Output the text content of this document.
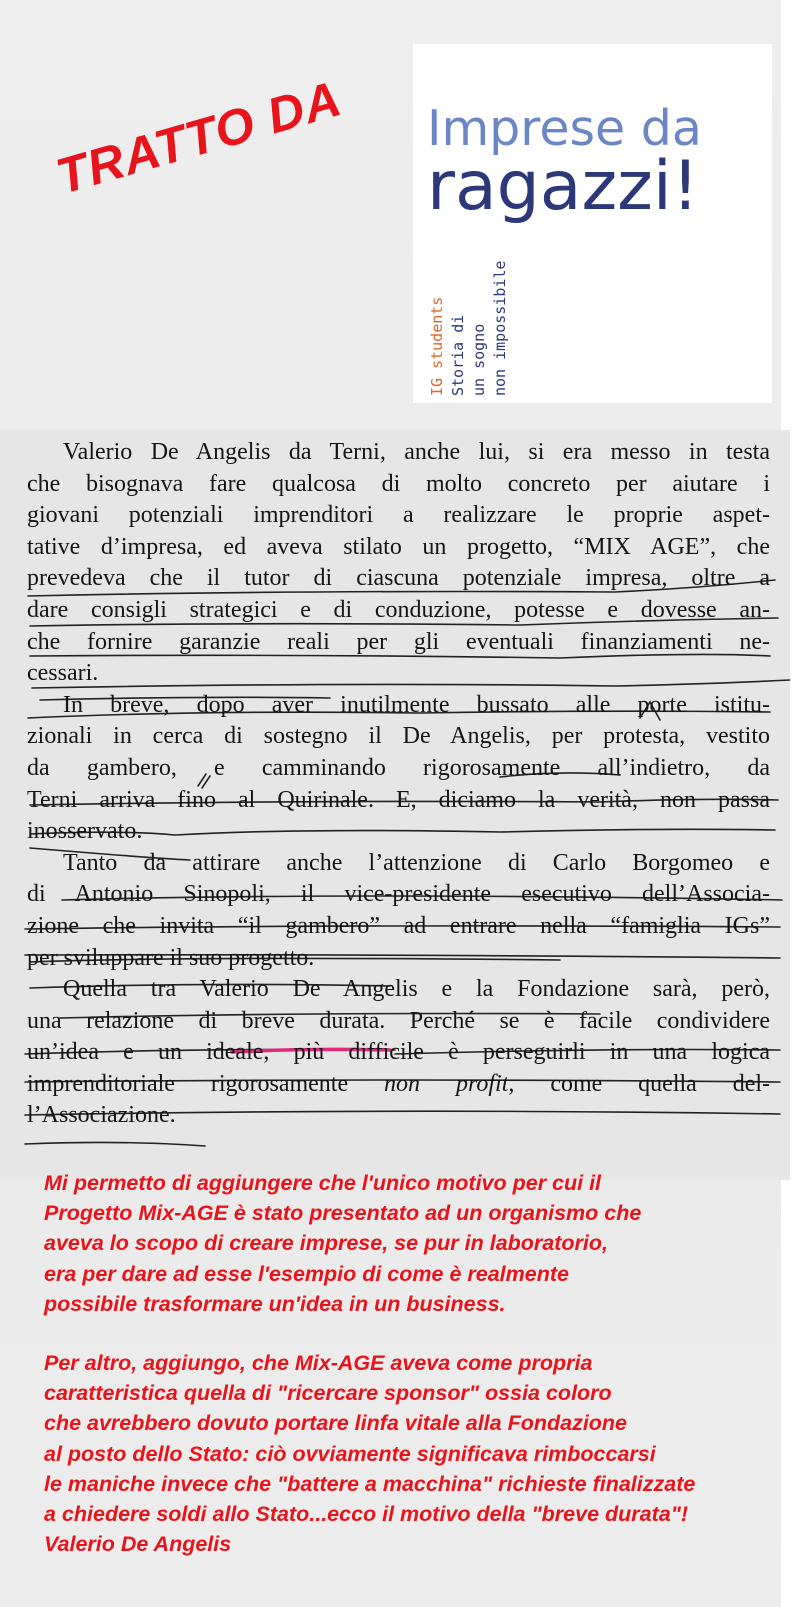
TRATTO DA Imprese da
ragazzi!
IG students Storia di un sogno non impossibile
Valerio De Angelis da Terni, anche lui, si era messo in testa
che bisognava fare qualcosa di molto concreto per aiutare i
giovani potenziali imprenditori a realizzare le proprie aspet-
tative d’impresa, ed aveva stilato un progetto, “MIX AGE”, che
prevedeva che il tutor di ciascuna potenziale impresa, oltre a
dare consigli strategici e di conduzione, potesse e dovesse an-
che fornire garanzie reali per gli eventuali finanziamenti ne-
cessari.
In breve, dopo aver inutilmente bussato alle porte istitu-
zionali in cerca di sostegno il De Angelis, per protesta, vestito
da gambero, e camminando rigorosamente all’indietro, da
Terni arriva fino al Quirinale. E, diciamo la verità, non passa
inosservato.
Tanto da attirare anche l’attenzione di Carlo Borgomeo e
di Antonio Sinopoli, il vice-presidente esecutivo dell’Associa-
zione che invita “il gambero” ad entrare nella “famiglia IGs”
per sviluppare il suo progetto.
Quella tra Valerio De Angelis e la Fondazione sarà, però,
una relazione di breve durata. Perché se è facile condividere
un’idea e un ideale, più difficile è perseguirli in una logica
imprenditoriale rigorosamente non profit, come quella del-
l’Associazione.
Mi permetto di aggiungere che l'unico motivo per cui il
Progetto Mix-AGE è stato presentato ad un organismo che
aveva lo scopo di creare imprese, se pur in laboratorio,
era per dare ad esse l'esempio di come è realmente
possibile trasformare un'idea in un business.
Per altro, aggiungo, che Mix-AGE aveva come propria
caratteristica quella di "ricercare sponsor" ossia coloro
che avrebbero dovuto portare linfa vitale alla Fondazione
al posto dello Stato: ciò ovviamente significava rimboccarsi
le maniche invece che "battere a macchina" richieste finalizzate
a chiedere soldi allo Stato...ecco il motivo della "breve durata"!
Valerio De Angelis
